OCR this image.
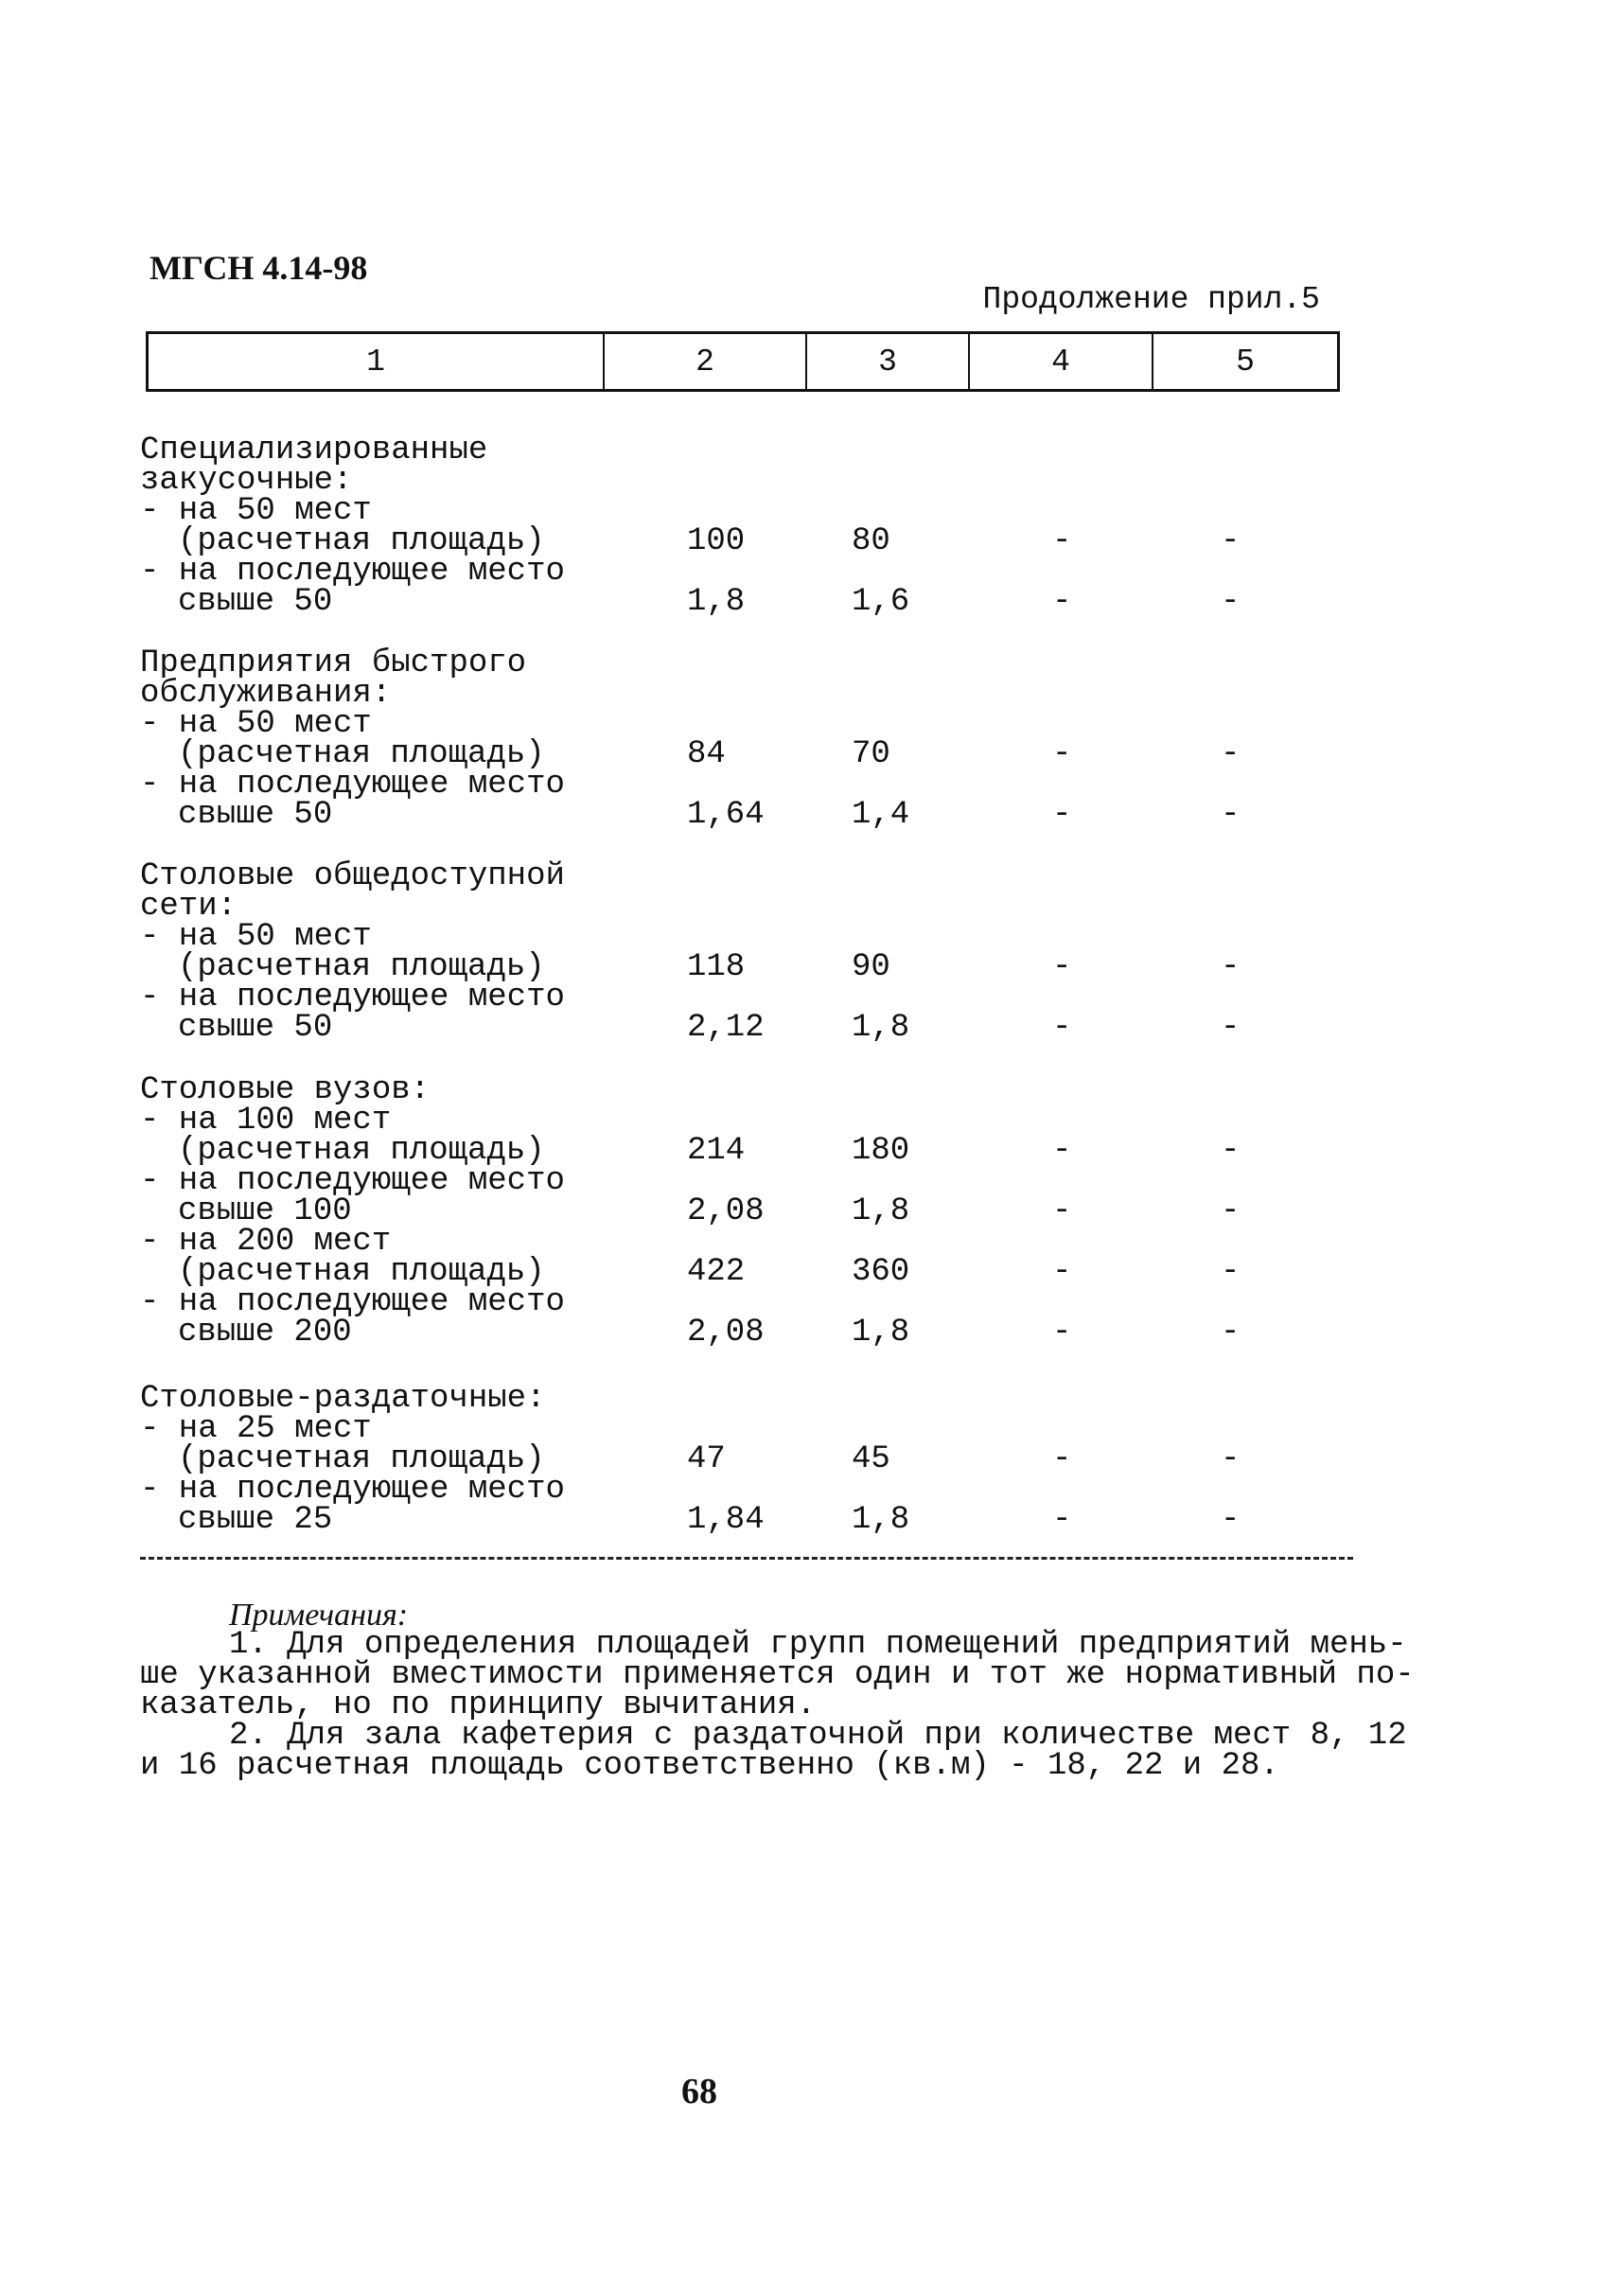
МГСН 4.14-98
Продолжение прил.5
1	2	3	4	5
Специализированные
закусочные:
- на 50 мест
(расчетная площадь)	100	80	-	-
- на последующее место
свыше 50	1,8	1,6	-	-
Предприятия быстрого
обслуживания:
- на 50 мест
(расчетная площадь)	84	70	-	-
- на последующее место
свыше 50	1,64	1,4	-	-
Столовые общедоступной
сети:
- на 50 мест
(расчетная площадь)	118	90	-	-
- на последующее место
свыше 50	2,12	1,8	-	-
Столовые вузов:
- на 100 мест
(расчетная площадь)	214	180	-	-
- на последующее место
свыше 100	2,08	1,8	-	-
- на 200 мест
(расчетная площадь)	422	360	-	-
- на последующее место
свыше 200	2,08	1,8	-	-
Столовые-раздаточные:
- на 25 мест
(расчетная площадь)	47	45	-	-
- на последующее место
свыше 25	1,84	1,8	-	-
Примечания:
1. Для определения площадей групп помещений предприятий мень-
ше указанной вместимости применяется один и тот же нормативный по-
казатель, но по принципу вычитания.
2. Для зала кафетерия с раздаточной при количестве мест 8, 12
и 16 расчетная площадь соответственно (кв.м) - 18, 22 и 28.
68
